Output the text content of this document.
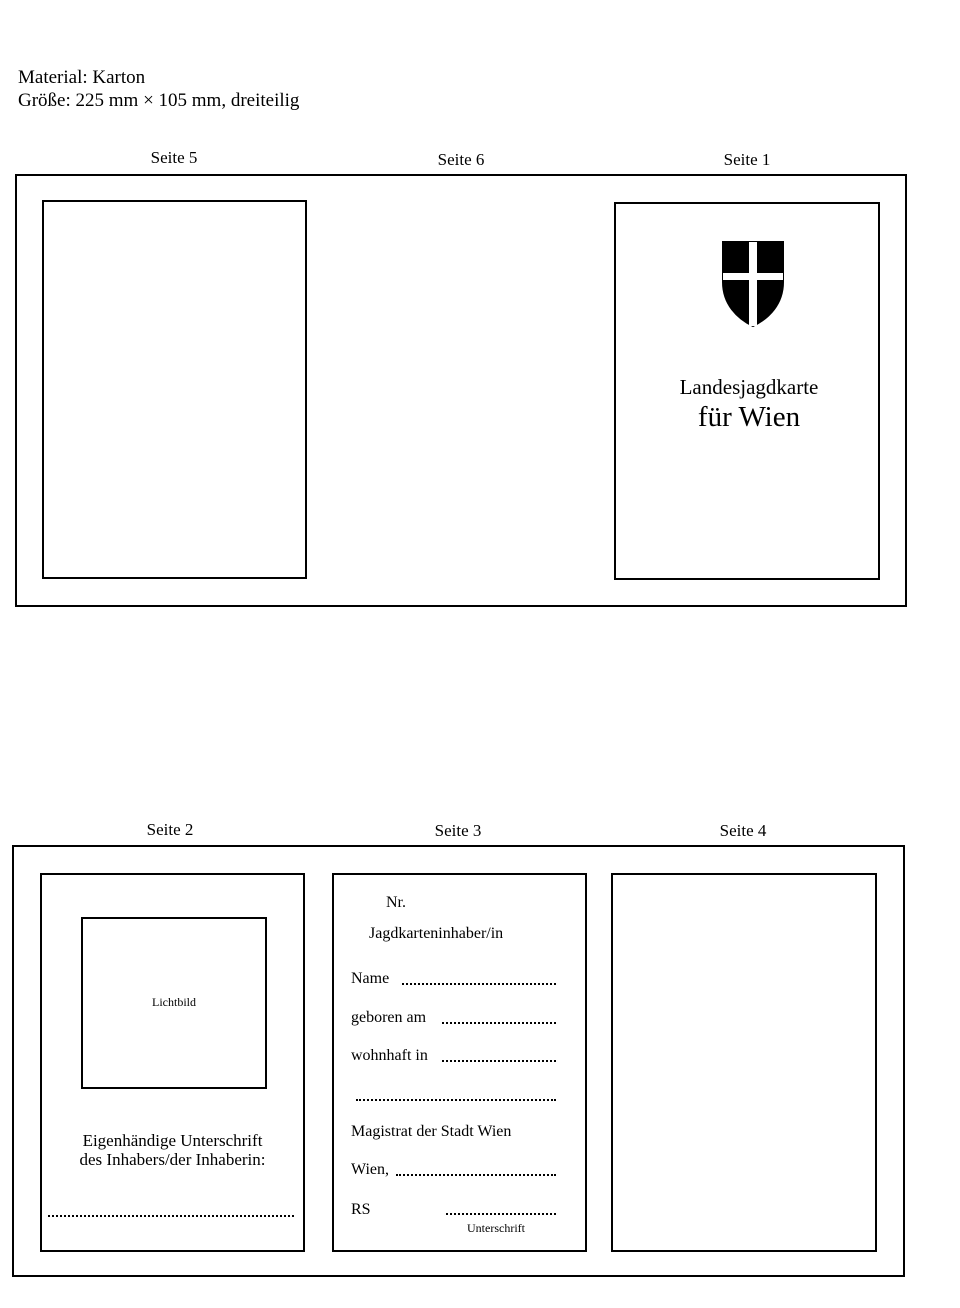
Material: Karton
Größe: 225 mm × 105 mm, dreiteilig
Seite 5	Seite 6	Seite 1
Landesjagdkarte
für Wien
Seite 2	Seite 3	Seite 4
Lichtbild
Eigenhändige Unterschrift
des Inhabers/der Inhaberin:
Nr.
Jagdkarteninhaber/in
Name
geboren am
wohnhaft in
Magistrat der Stadt Wien
Wien,
RS
Unterschrift
